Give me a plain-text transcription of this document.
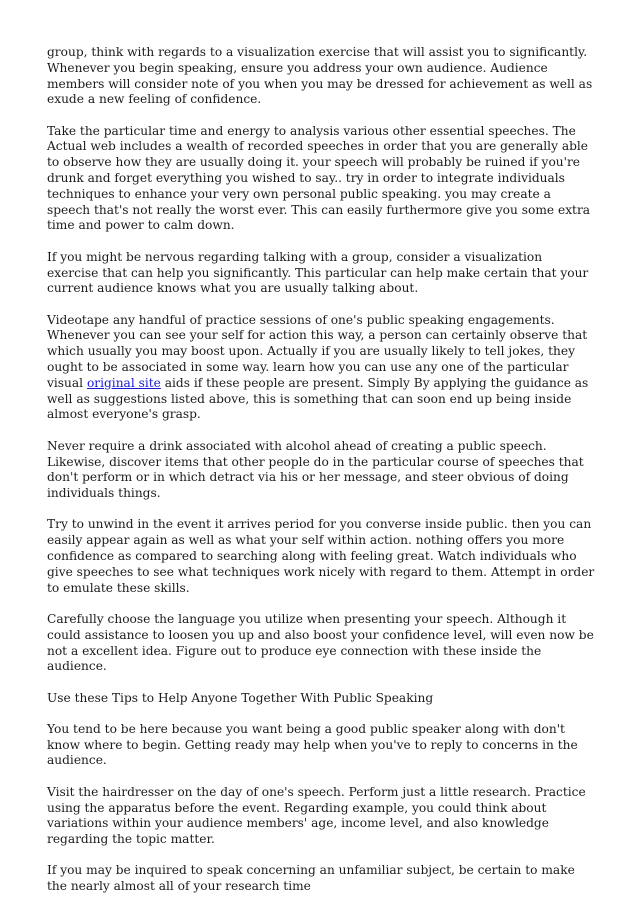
group, think with regards to a visualization exercise that will assist you to significantly. Whenever you begin speaking, ensure you address your own audience. Audience members will consider note of you when you may be dressed for achievement as well as exude a new feeling of confidence.

Take the particular time and energy to analysis various other essential speeches. The Actual web includes a wealth of recorded speeches in order that you are generally able to observe how they are usually doing it. your speech will probably be ruined if you're drunk and forget everything you wished to say.. try in order to integrate individuals techniques to enhance your very own personal public speaking. you may create a speech that's not really the worst ever. This can easily furthermore give you some extra time and power to calm down.

If you might be nervous regarding talking with a group, consider a visualization exercise that can help you significantly. This particular can help make certain that your current audience knows what you are usually talking about.

Videotape any handful of practice sessions of one's public speaking engagements. Whenever you can see your self for action this way, a person can certainly observe that which usually you may boost upon. Actually if you are usually likely to tell jokes, they ought to be associated in some way. learn how you can use any one of the particular visual original site aids if these people are present. Simply By applying the guidance as well as suggestions listed above, this is something that can soon end up being inside almost everyone's grasp.

Never require a drink associated with alcohol ahead of creating a public speech. Likewise, discover items that other people do in the particular course of speeches that don't perform or in which detract via his or her message, and steer obvious of doing individuals things.

Try to unwind in the event it arrives period for you converse inside public. then you can easily appear again as well as what your self within action. nothing offers you more confidence as compared to searching along with feeling great. Watch individuals who give speeches to see what techniques work nicely with regard to them. Attempt in order to emulate these skills.

Carefully choose the language you utilize when presenting your speech. Although it could assistance to loosen you up and also boost your confidence level, will even now be not a excellent idea. Figure out to produce eye connection with these inside the audience.

Use these Tips to Help Anyone Together With Public Speaking

You tend to be here because you want being a good public speaker along with don't know where to begin. Getting ready may help when you've to reply to concerns in the audience.

Visit the hairdresser on the day of one's speech. Perform just a little research. Practice using the apparatus before the event. Regarding example, you could think about variations within your audience members' age, income level, and also knowledge regarding the topic matter.

If you may be inquired to speak concerning an unfamiliar subject, be certain to make the nearly almost all of your research time
